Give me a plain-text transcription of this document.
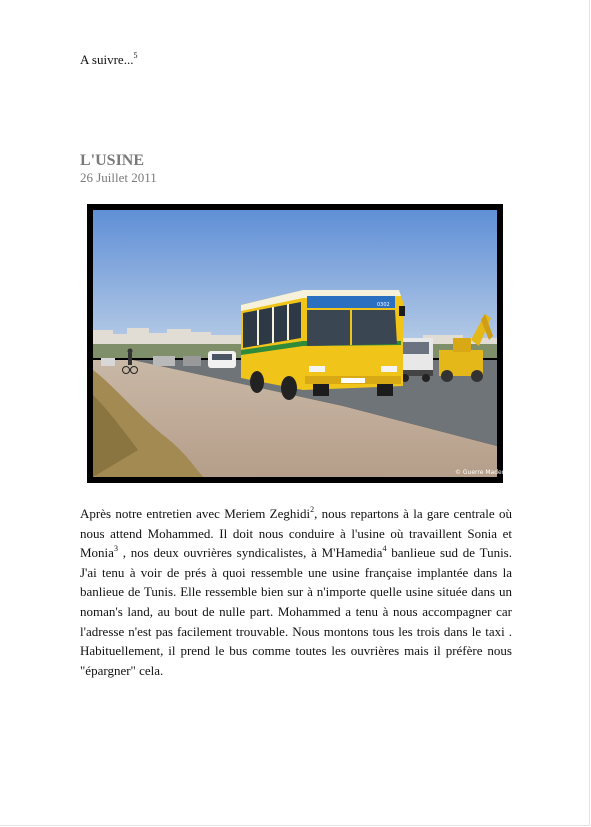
A suivre...$^5$
L'USINE
26 Juillet 2011
0302
© Guerre Mader
Après notre entretien avec Meriem Zeghidi$^2$, nous repartons à la gare centrale où nous attend Mohammed. Il doit nous conduire à l'usine où travaillent Sonia et Monia$^3$ , nos deux ouvrières syndicalistes, à M'Hamedia$^4$ banlieue sud de Tunis. J'ai tenu à voir de prés à quoi ressemble une usine française implantée dans la banlieue de Tunis. Elle ressemble bien sur à n'importe quelle usine située dans un noman's land, au bout de nulle part. Mohammed a tenu à nous accompagner car l'adresse n'est pas facilement trouvable. Nous montons tous les trois dans le taxi . Habituellement, il prend le bus comme toutes les ouvrières mais il préfère nous "épargner" cela.
